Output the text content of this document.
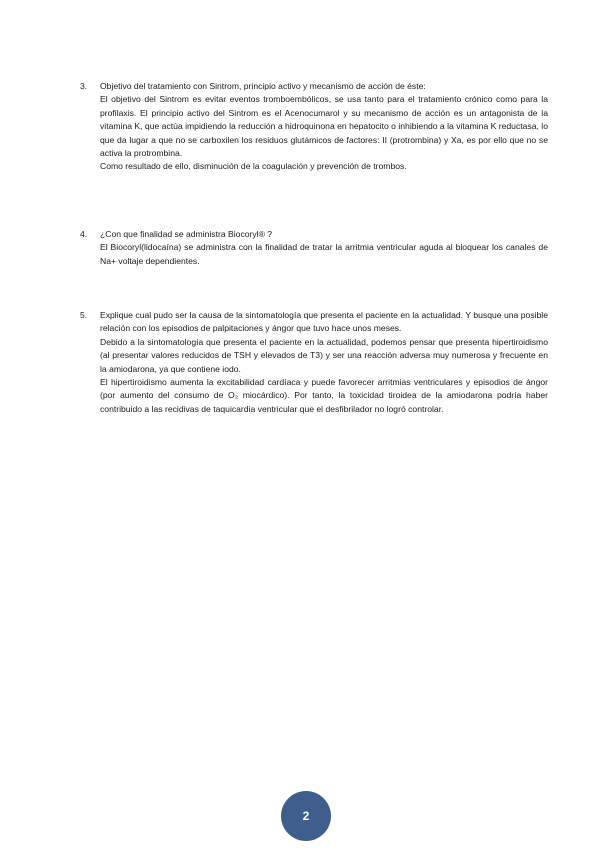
3.	Objetivo del tratamiento con Sintrom, principio activo y mecanismo de acción de éste:

El objetivo del Sintrom es evitar eventos tromboembólicos, se usa tanto para el tratamiento crónico como para la profilaxis. El principio activo del Sintrom es el Acenocumarol y su mecanismo de acción es un antagonista de la vitamina K, que actúa impidiendo la reducción a hidroquinona en hepatocito o inhibiendo a la vitamina K reductasa, lo que da lugar a que no se carboxilen los residuos glutámicos de factores: II (protrombina) y Xa, es por ello que no se activa la protrombina.

Como resultado de ello, disminución de la coagulación y prevención de trombos.

4.	¿Con que finalidad se administra Biocoryl® ?

El Biocoryl(lidocaína) se administra con la finalidad de tratar la arritmia ventricular aguda al bloquear los canales de Na+ voltaje dependientes.

5.	Explique cual pudo ser la causa de la sintomatología que presenta el paciente en la actualidad. Y busque una posible relación con los episodios de palpitaciones y ángor que tuvo hace unos meses.

Debido a la sintomatología que presenta el paciente en la actualidad, podemos pensar que presenta hipertiroidismo (al presentar valores reducidos de TSH y elevados de T3) y ser una reacción adversa muy numerosa y frecuente en la amiodarona, ya que contiene iodo.

El hipertiroidismo aumenta la excitabilidad cardíaca y puede favorecer arritmias ventriculares y episodios de ángor (por aumento del consumo de O₂ miocárdico). Por tanto, la toxicidad tiroidea de la amiodarona podría haber contribuido a las recidivas de taquicardia ventricular que el desfibrilador no logró controlar.

2
